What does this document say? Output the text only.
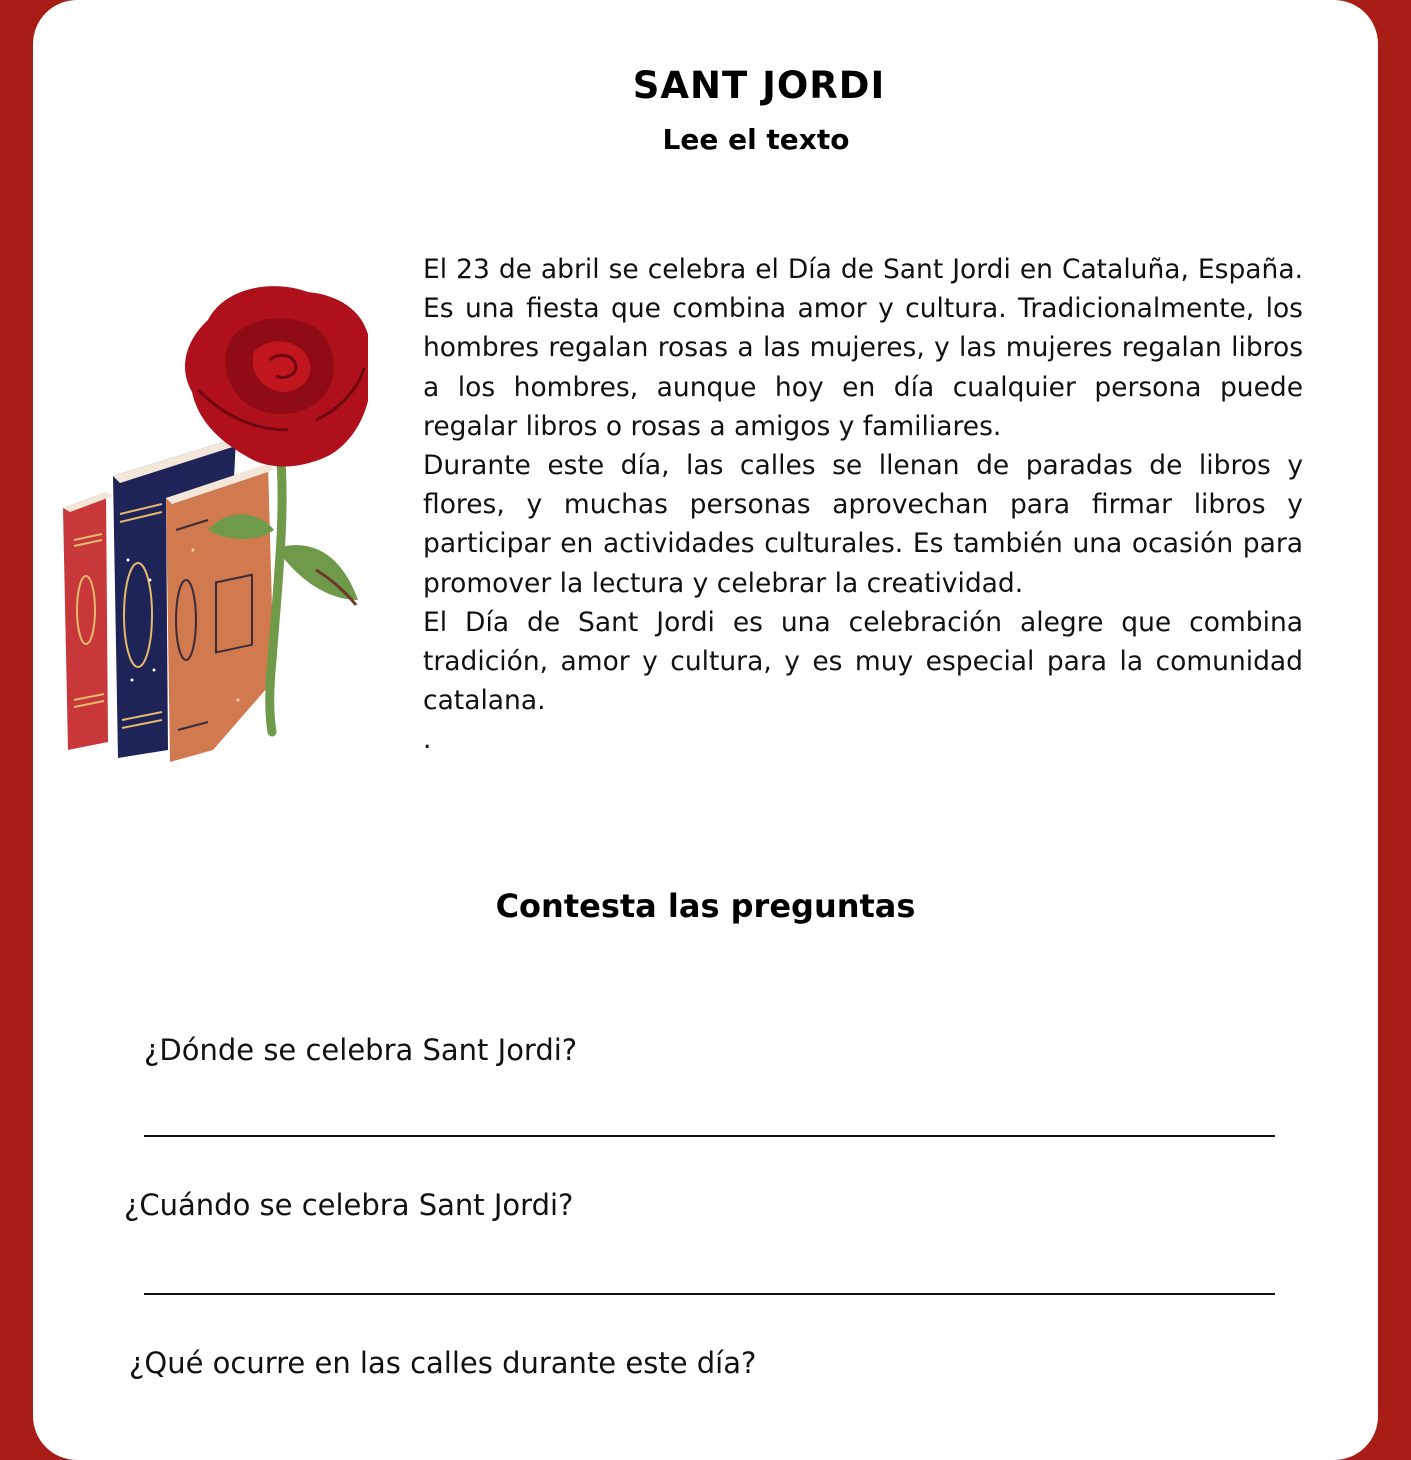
SANT JORDI
Lee el texto

El 23 de abril se celebra el Día de Sant Jordi en Cataluña, España. Es una fiesta que combina amor y cultura. Tradicionalmente, los hombres regalan rosas a las mujeres, y las mujeres regalan libros a los hombres, aunque hoy en día cualquier persona puede regalar libros o rosas a amigos y familiares.

Durante este día, las calles se llenan de paradas de libros y flores, y muchas personas aprovechan para firmar libros y participar en actividades culturales. Es también una ocasión para promover la lectura y celebrar la creatividad.

El Día de Sant Jordi es una celebración alegre que combina tradición, amor y cultura, y es muy especial para la comunidad catalana.

.

Contesta las preguntas
¿Dónde se celebra Sant Jordi?
¿Cuándo se celebra Sant Jordi?
¿Qué ocurre en las calles durante este día?
